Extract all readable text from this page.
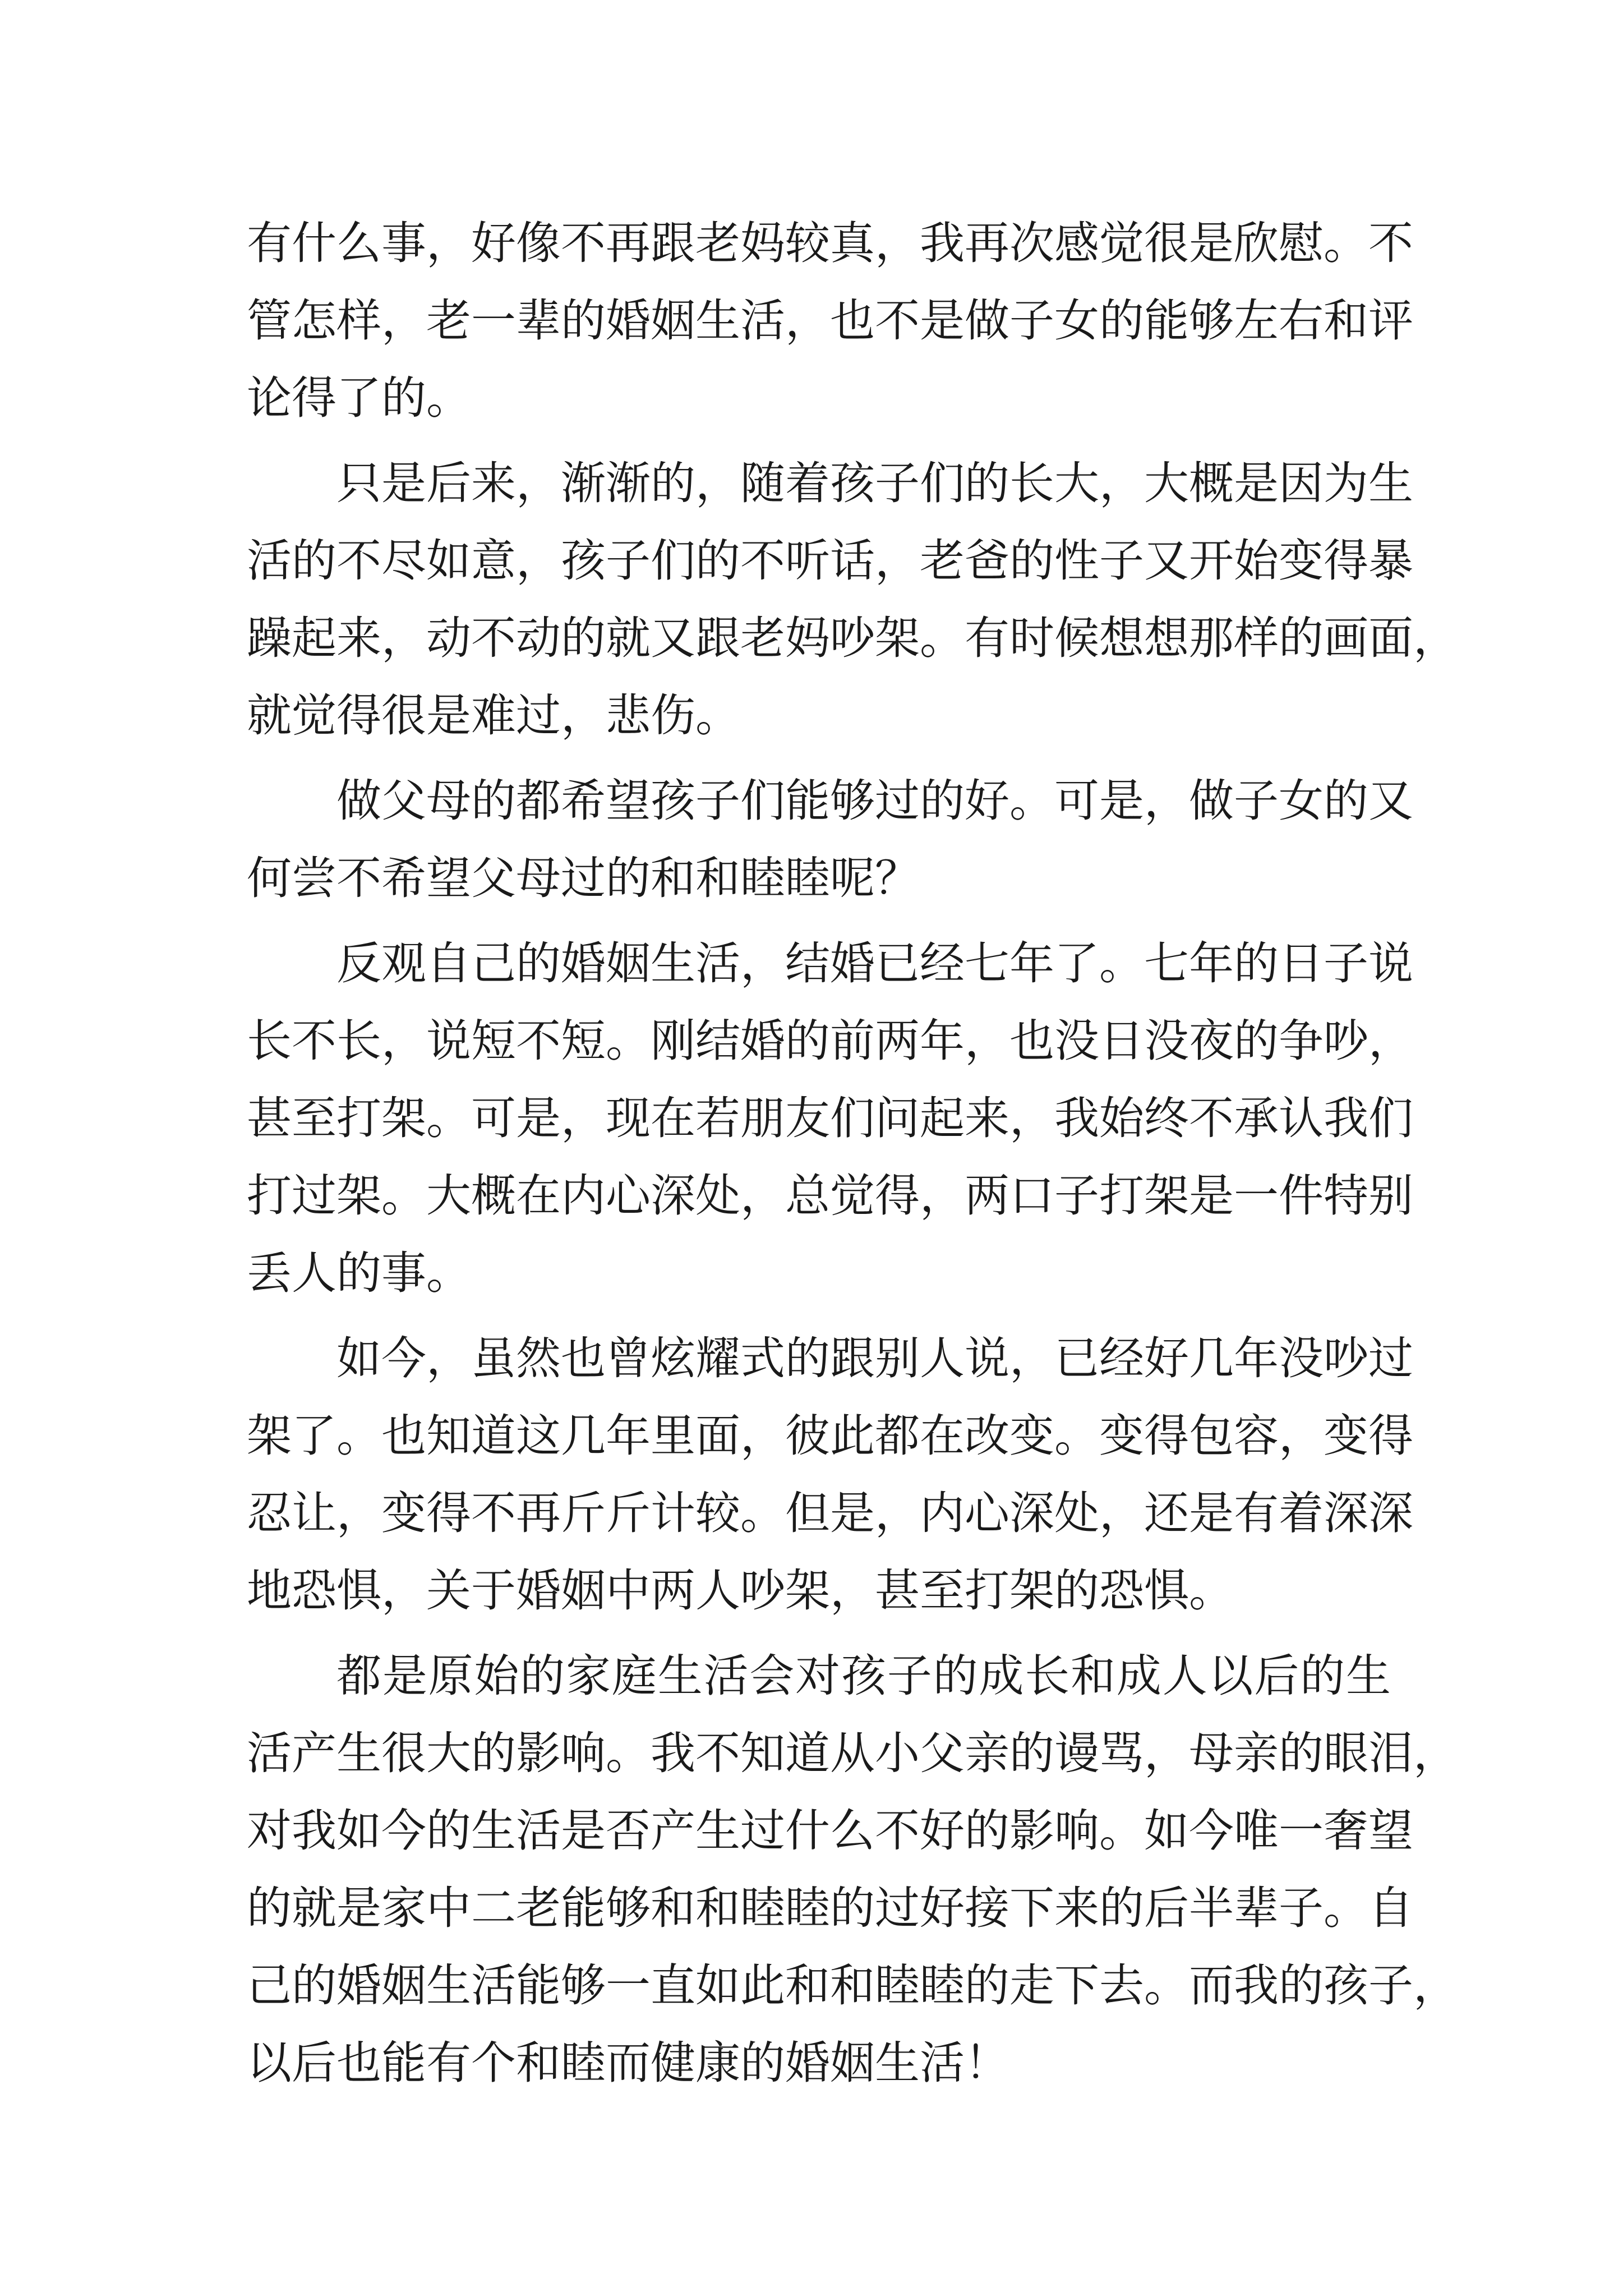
有什么事，好像不再跟老妈较真，我再次感觉很是欣慰。不
管怎样，老一辈的婚姻生活，也不是做子女的能够左右和评
论得了的。

只是后来，渐渐的，随着孩子们的长大，大概是因为生
活的不尽如意，孩子们的不听话，老爸的性子又开始变得暴
躁起来，动不动的就又跟老妈吵架。有时候想想那样的画面，
就觉得很是难过，悲伤。

做父母的都希望孩子们能够过的好。可是，做子女的又
何尝不希望父母过的和和睦睦呢？

反观自己的婚姻生活，结婚已经七年了。七年的日子说
长不长，说短不短。刚结婚的前两年，也没日没夜的争吵，
甚至打架。可是，现在若朋友们问起来，我始终不承认我们
打过架。大概在内心深处，总觉得，两口子打架是一件特别
丢人的事。

如今，虽然也曾炫耀式的跟别人说，已经好几年没吵过
架了。也知道这几年里面，彼此都在改变。变得包容，变得
忍让，变得不再斤斤计较。但是，内心深处，还是有着深深
地恐惧，关于婚姻中两人吵架，甚至打架的恐惧。

都是原始的家庭生活会对孩子的成长和成人以后的生
活产生很大的影响。我不知道从小父亲的谩骂，母亲的眼泪，
对我如今的生活是否产生过什么不好的影响。如今唯一奢望
的就是家中二老能够和和睦睦的过好接下来的后半辈子。自
己的婚姻生活能够一直如此和和睦睦的走下去。而我的孩子，
以后也能有个和睦而健康的婚姻生活！
